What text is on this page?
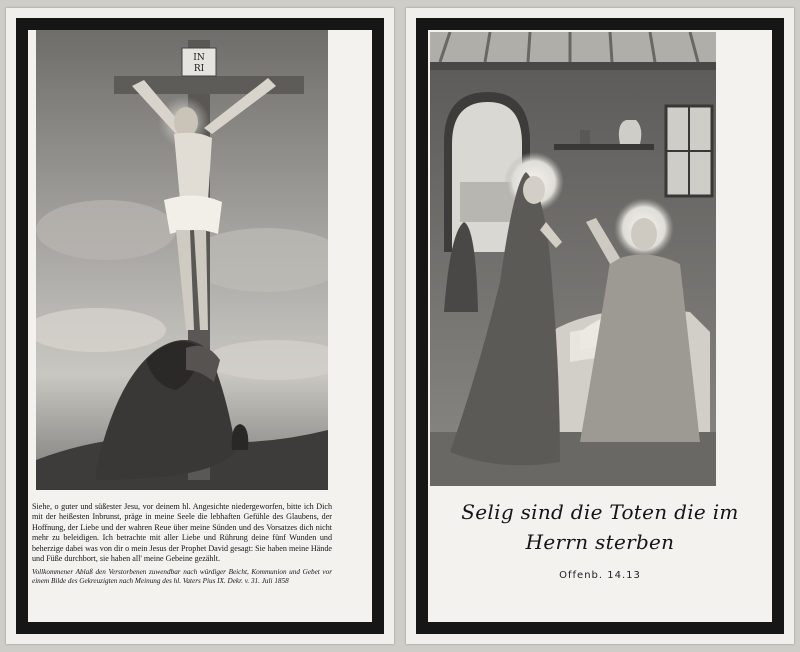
IN
RI

Siehe, o guter und süßester Jesu, vor deinem hl. Angesichte niedergeworfen, bitte ich Dich mit der heißesten Inbrunst, präge in meine Seele die lebhaften Gefühle des Glaubens, der Hoffnung, der Liebe und der wahren Reue über meine Sünden und des Vorsatzes dich nicht mehr zu beleidigen. Ich betrachte mit aller Liebe und Rührung deine fünf Wunden und beherzige dabei was von dir o mein Jesus der Prophet David gesagt: Sie haben meine Hände und Füße durchbort, sie haben all' meine Gebeine gezählt.

Vollkommener Ablaß den Verstorbenen zuwendbar nach würdiger Beicht, Kommunion und Gebet vor einem Bilde des Gekreuzigten nach Meinung des hl. Vaters Pius IX. Dekr. v. 31. Juli 1858

Selig sind die Toten die im
Herrn sterben
Offenb. 14.13
